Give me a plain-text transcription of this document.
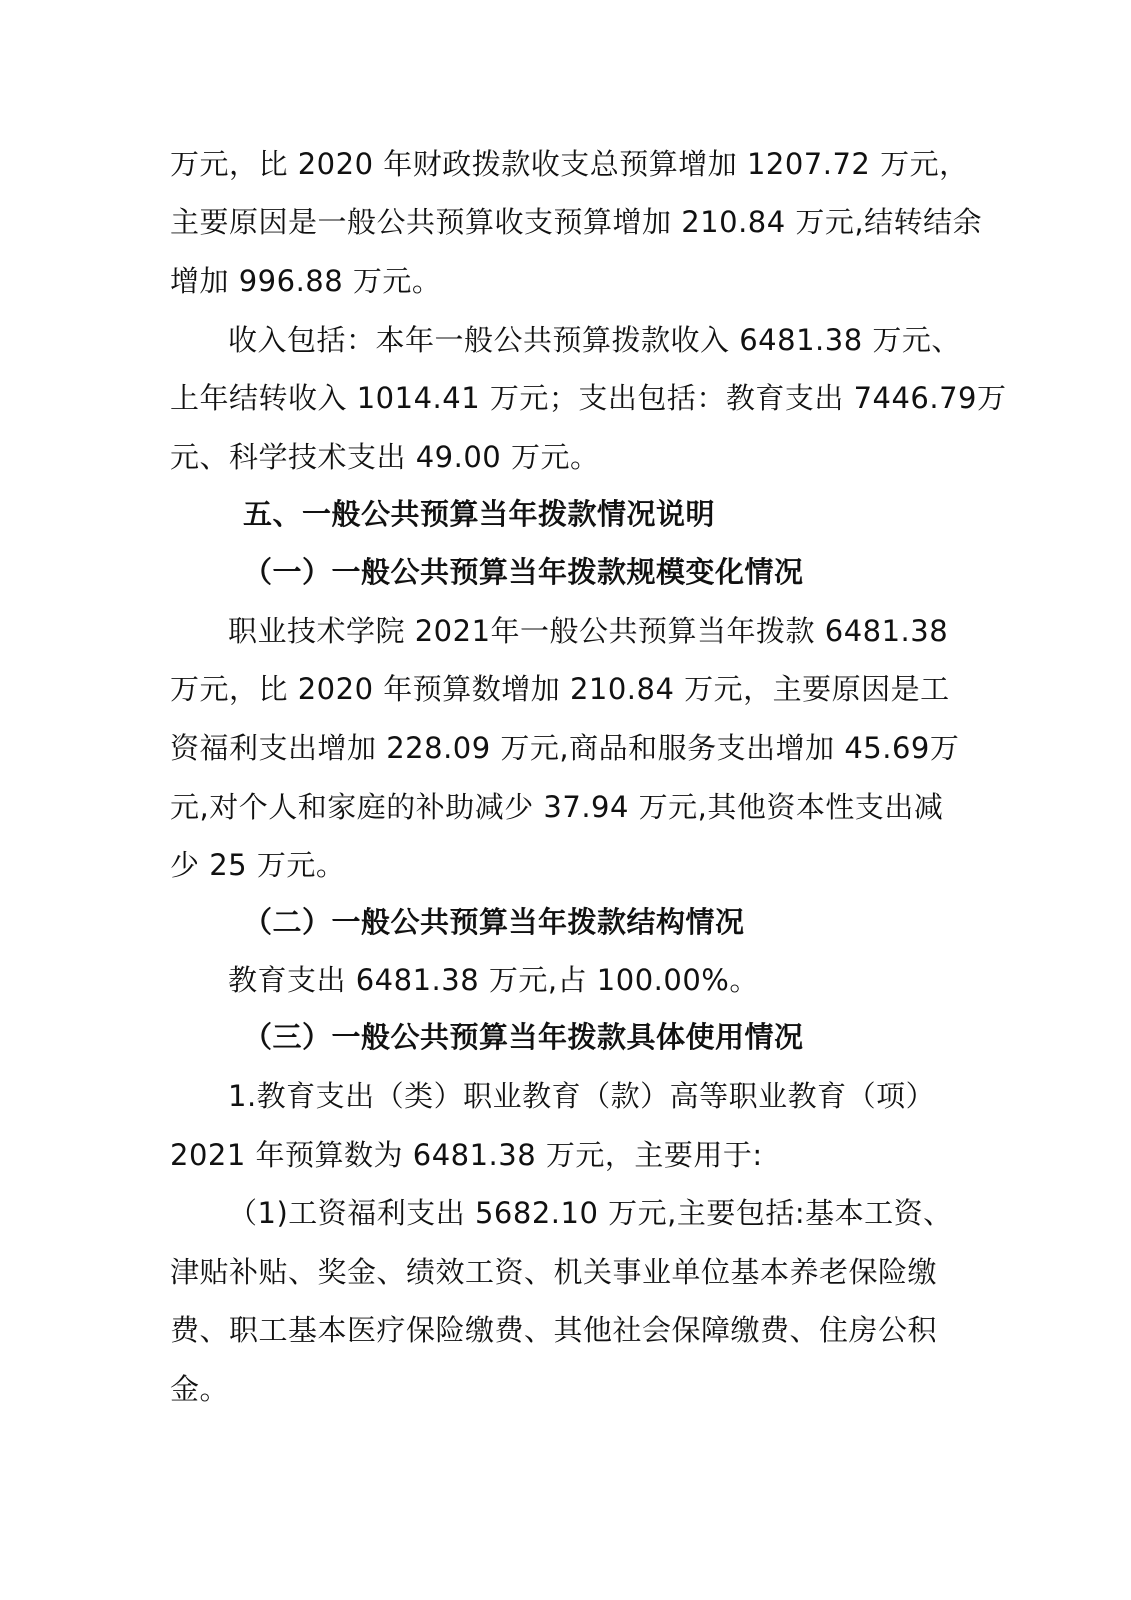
万元，比 2020 年财政拨款收支总预算增加 1207.72 万元，

主要原因是一般公共预算收支预算增加 210.84 万元,结转结余

增加 996.88 万元。

收入包括：本年一般公共预算拨款收入 6481.38 万元、

上年结转收入 1014.41 万元；支出包括：教育支出 7446.79万

元、科学技术支出 49.00 万元。

五、一般公共预算当年拨款情况说明

（一）一般公共预算当年拨款规模变化情况

职业技术学院 2021年一般公共预算当年拨款 6481.38

万元，比 2020 年预算数增加 210.84 万元，主要原因是工

资福利支出增加 228.09 万元,商品和服务支出增加 45.69万

元,对个人和家庭的补助减少 37.94 万元,其他资本性支出减

少 25 万元。

（二）一般公共预算当年拨款结构情况

教育支出 6481.38 万元,占 100.00%。

（三）一般公共预算当年拨款具体使用情况

1.教育支出（类）职业教育（款）高等职业教育（项）

2021 年预算数为 6481.38 万元，主要用于:

（1)工资福利支出 5682.10 万元,主要包括:基本工资、

津贴补贴、奖金、绩效工资、机关事业单位基本养老保险缴

费、职工基本医疗保险缴费、其他社会保障缴费、住房公积

金。
